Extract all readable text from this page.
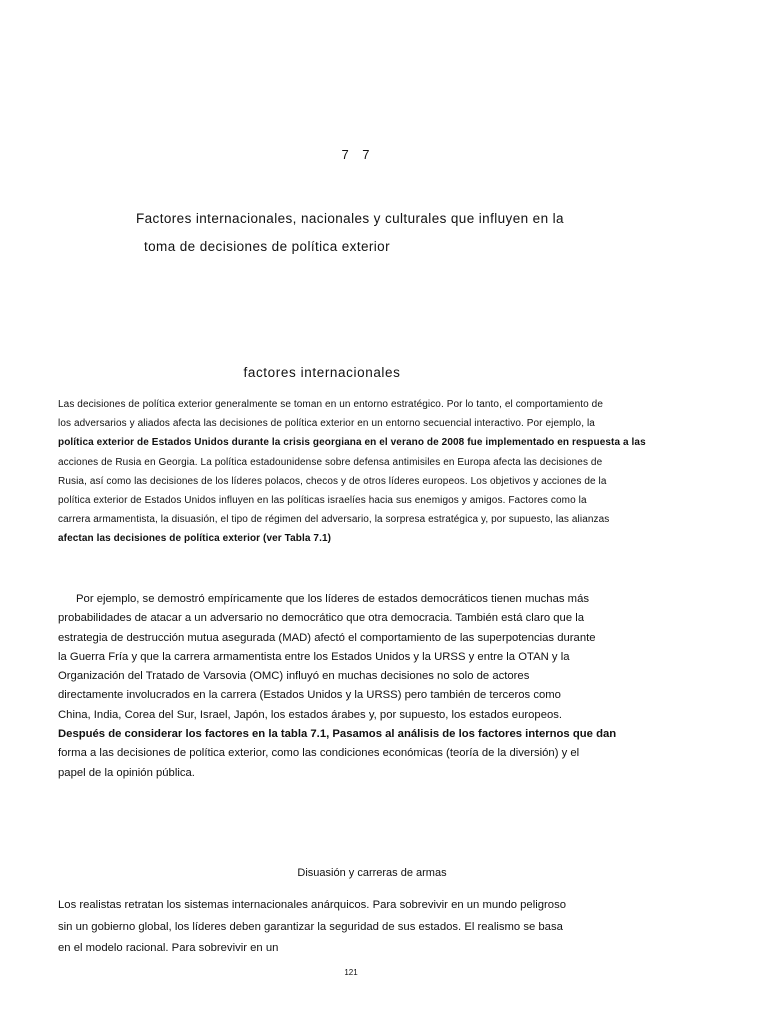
7 7
Factores internacionales, nacionales y culturales que influyen en la
toma de decisiones de política exterior
factores internacionales
Las decisiones de política exterior generalmente se toman en un entorno estratégico. Por lo tanto, el comportamiento de
los adversarios y aliados afecta las decisiones de política exterior en un entorno secuencial interactivo. Por ejemplo, la
política exterior de Estados Unidos durante la crisis georgiana en el verano de 2008 fue implementado en respuesta a las
acciones de Rusia en Georgia. La política estadounidense sobre defensa antimisiles en Europa afecta las decisiones de
Rusia, así como las decisiones de los líderes polacos, checos y de otros líderes europeos. Los objetivos y acciones de la
política exterior de Estados Unidos influyen en las políticas israelíes hacia sus enemigos y amigos. Factores como la
carrera armamentista, la disuasión, el tipo de régimen del adversario, la sorpresa estratégica y, por supuesto, las alianzas
afectan las decisiones de política exterior (ver Tabla 7.1)
Por ejemplo, se demostró empíricamente que los líderes de estados democráticos tienen muchas más
probabilidades de atacar a un adversario no democrático que otra democracia. También está claro que la
estrategia de destrucción mutua asegurada (MAD) afectó el comportamiento de las superpotencias durante
la Guerra Fría y que la carrera armamentista entre los Estados Unidos y la URSS y entre la OTAN y la
Organización del Tratado de Varsovia (OMC) influyó en muchas decisiones no solo de actores
directamente involucrados en la carrera (Estados Unidos y la URSS) pero también de terceros como
China, India, Corea del Sur, Israel, Japón, los estados árabes y, por supuesto, los estados europeos.
Después de considerar los factores en la tabla 7.1, Pasamos al análisis de los factores internos que dan
forma a las decisiones de política exterior, como las condiciones económicas (teoría de la diversión) y el
papel de la opinión pública.
Disuasión y carreras de armas
Los realistas retratan los sistemas internacionales anárquicos. Para sobrevivir en un mundo peligroso
sin un gobierno global, los líderes deben garantizar la seguridad de sus estados. El realismo se basa
en el modelo racional. Para sobrevivir en un
121
